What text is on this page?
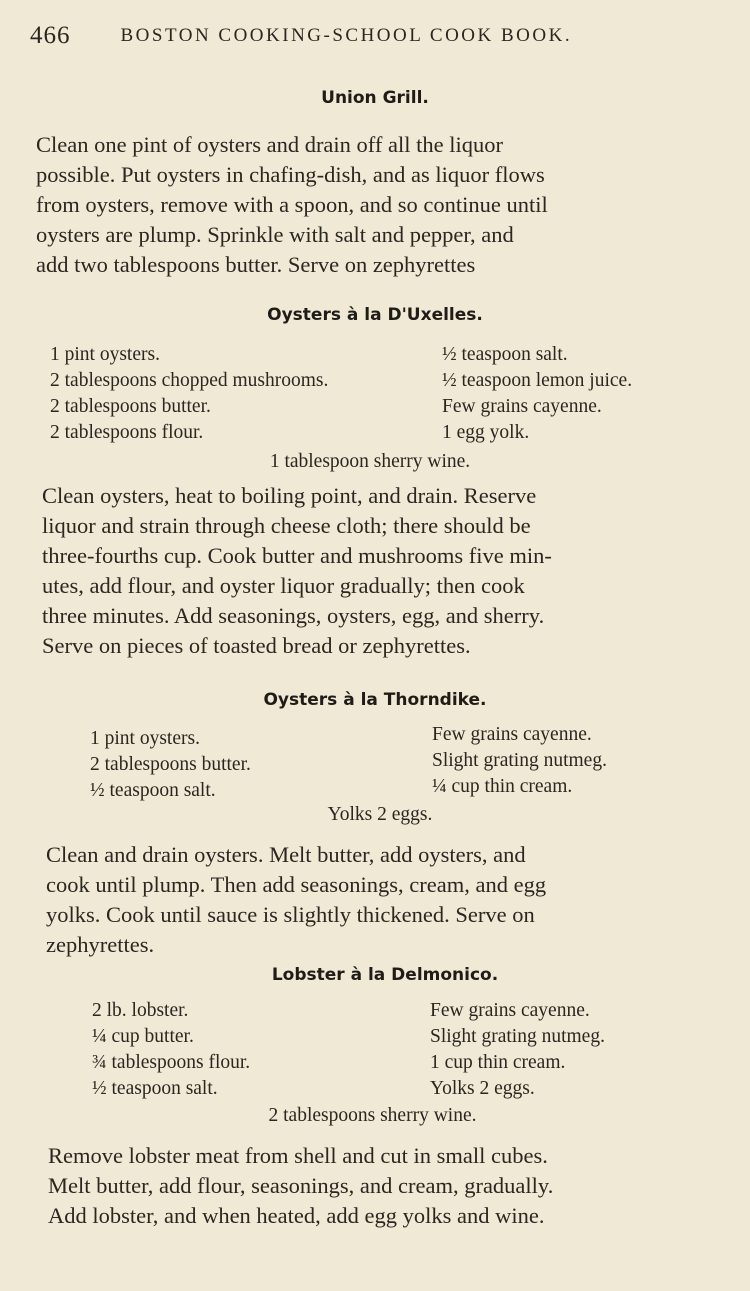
466	BOSTON COOKING-SCHOOL COOK BOOK.
Union Grill.
Clean one pint of oysters and drain off all the liquor
possible. Put oysters in chafing-dish, and as liquor flows
from oysters, remove with a spoon, and so continue until
oysters are plump. Sprinkle with salt and pepper, and
add two tablespoons butter. Serve on zephyrettes
Oysters à la D'Uxelles.
1 pint oysters.
2 tablespoons chopped mushrooms.
2 tablespoons butter.
2 tablespoons flour.
½ teaspoon salt.
½ teaspoon lemon juice.
Few grains cayenne.
1 egg yolk.
1 tablespoon sherry wine.
Clean oysters, heat to boiling point, and drain. Reserve
liquor and strain through cheese cloth; there should be
three-fourths cup. Cook butter and mushrooms five min-
utes, add flour, and oyster liquor gradually; then cook
three minutes. Add seasonings, oysters, egg, and sherry.
Serve on pieces of toasted bread or zephyrettes.
Oysters à la Thorndike.
1 pint oysters.
2 tablespoons butter.
½ teaspoon salt.
Few grains cayenne.
Slight grating nutmeg.
¼ cup thin cream.
Yolks 2 eggs.
Clean and drain oysters. Melt butter, add oysters, and
cook until plump. Then add seasonings, cream, and egg
yolks. Cook until sauce is slightly thickened. Serve on
zephyrettes.
Lobster à la Delmonico.
2 lb. lobster.
¼ cup butter.
¾ tablespoons flour.
½ teaspoon salt.
Few grains cayenne.
Slight grating nutmeg.
1 cup thin cream.
Yolks 2 eggs.
2 tablespoons sherry wine.
Remove lobster meat from shell and cut in small cubes.
Melt butter, add flour, seasonings, and cream, gradually.
Add lobster, and when heated, add egg yolks and wine.
